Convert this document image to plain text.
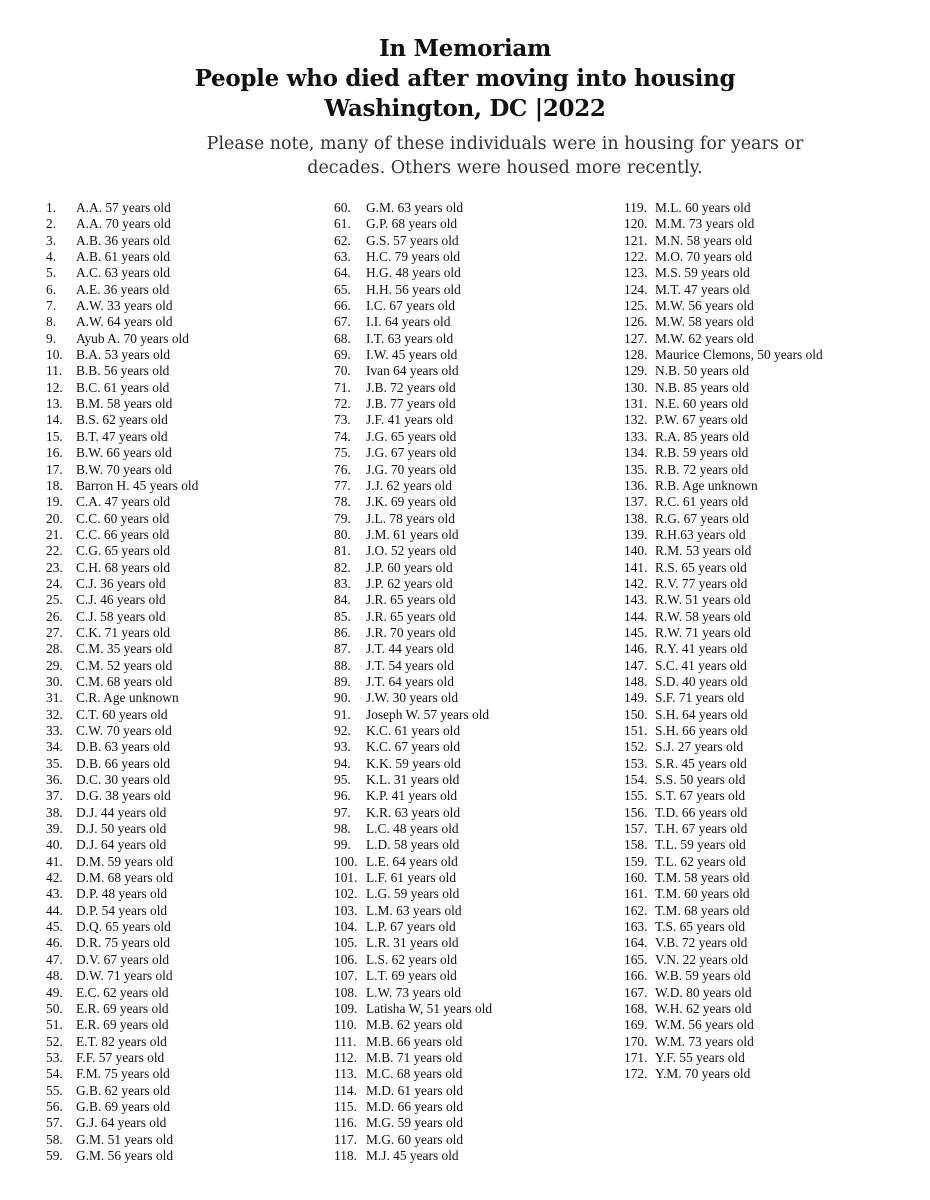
In Memoriam
People who died after moving into housing
Washington, DC |2022
Please note, many of these individuals were in housing for years or
decades. Others were housed more recently.
1. A.A. 57 years old
2. A.A. 70 years old
3. A.B. 36 years old
4. A.B. 61 years old
5. A.C. 63 years old
6. A.E. 36 years old
7. A.W. 33 years old
8. A.W. 64 years old
9. Ayub A. 70 years old
10. B.A. 53 years old
11. B.B. 56 years old
12. B.C. 61 years old
13. B.M. 58 years old
14. B.S. 62 years old
15. B.T. 47 years old
16. B.W. 66 years old
17. B.W. 70 years old
18. Barron H. 45 years old
19. C.A. 47 years old
20. C.C. 60 years old
21. C.C. 66 years old
22. C.G. 65 years old
23. C.H. 68 years old
24. C.J. 36 years old
25. C.J. 46 years old
26. C.J. 58 years old
27. C.K. 71 years old
28. C.M. 35 years old
29. C.M. 52 years old
30. C.M. 68 years old
31. C.R. Age unknown
32. C.T. 60 years old
33. C.W. 70 years old
34. D.B. 63 years old
35. D.B. 66 years old
36. D.C. 30 years old
37. D.G. 38 years old
38. D.J. 44 years old
39. D.J. 50 years old
40. D.J. 64 years old
41. D.M. 59 years old
42. D.M. 68 years old
43. D.P. 48 years old
44. D.P. 54 years old
45. D.Q. 65 years old
46. D.R. 75 years old
47. D.V. 67 years old
48. D.W. 71 years old
49. E.C. 62 years old
50. E.R. 69 years old
51. E.R. 69 years old
52. E.T. 82 years old
53. F.F. 57 years old
54. F.M. 75 years old
55. G.B. 62 years old
56. G.B. 69 years old
57. G.J. 64 years old
58. G.M. 51 years old
59. G.M. 56 years old
60. G.M. 63 years old
61. G.P. 68 years old
62. G.S. 57 years old
63. H.C. 79 years old
64. H.G. 48 years old
65. H.H. 56 years old
66. I.C. 67 years old
67. I.I. 64 years old
68. I.T. 63 years old
69. I.W. 45 years old
70. Ivan 64 years old
71. J.B. 72 years old
72. J.B. 77 years old
73. J.F. 41 years old
74. J.G. 65 years old
75. J.G. 67 years old
76. J.G. 70 years old
77. J.J. 62 years old
78. J.K. 69 years old
79. J.L. 78 years old
80. J.M. 61 years old
81. J.O. 52 years old
82. J.P. 60 years old
83. J.P. 62 years old
84. J.R. 65 years old
85. J.R. 65 years old
86. J.R. 70 years old
87. J.T. 44 years old
88. J.T. 54 years old
89. J.T. 64 years old
90. J.W. 30 years old
91. Joseph W. 57 years old
92. K.C. 61 years old
93. K.C. 67 years old
94. K.K. 59 years old
95. K.L. 31 years old
96. K.P. 41 years old
97. K.R. 63 years old
98. L.C. 48 years old
99. L.D. 58 years old
100. L.E. 64 years old
101. L.F. 61 years old
102. L.G. 59 years old
103. L.M. 63 years old
104. L.P. 67 years old
105. L.R. 31 years old
106. L.S. 62 years old
107. L.T. 69 years old
108. L.W. 73 years old
109. Latisha W, 51 years old
110. M.B. 62 years old
111. M.B. 66 years old
112. M.B. 71 years old
113. M.C. 68 years old
114. M.D. 61 years old
115. M.D. 66 years old
116. M.G. 59 years old
117. M.G. 60 years old
118. M.J. 45 years old
119. M.L. 60 years old
120. M.M. 73 years old
121. M.N. 58 years old
122. M.O. 70 years old
123. M.S. 59 years old
124. M.T. 47 years old
125. M.W. 56 years old
126. M.W. 58 years old
127. M.W. 62 years old
128. Maurice Clemons, 50 years old
129. N.B. 50 years old
130. N.B. 85 years old
131. N.E. 60 years old
132. P.W. 67 years old
133. R.A. 85 years old
134. R.B. 59 years old
135. R.B. 72 years old
136. R.B. Age unknown
137. R.C. 61 years old
138. R.G. 67 years old
139. R.H.63 years old
140. R.M. 53 years old
141. R.S. 65 years old
142. R.V. 77 years old
143. R.W. 51 years old
144. R.W. 58 years old
145. R.W. 71 years old
146. R.Y. 41 years old
147. S.C. 41 years old
148. S.D. 40 years old
149. S.F. 71 years old
150. S.H. 64 years old
151. S.H. 66 years old
152. S.J. 27 years old
153. S.R. 45 years old
154. S.S. 50 years old
155. S.T. 67 years old
156. T.D. 66 years old
157. T.H. 67 years old
158. T.L. 59 years old
159. T.L. 62 years old
160. T.M. 58 years old
161. T.M. 60 years old
162. T.M. 68 years old
163. T.S. 65 years old
164. V.B. 72 years old
165. V.N. 22 years old
166. W.B. 59 years old
167. W.D. 80 years old
168. W.H. 62 years old
169. W.M. 56 years old
170. W.M. 73 years old
171. Y.F. 55 years old
172. Y.M. 70 years old
